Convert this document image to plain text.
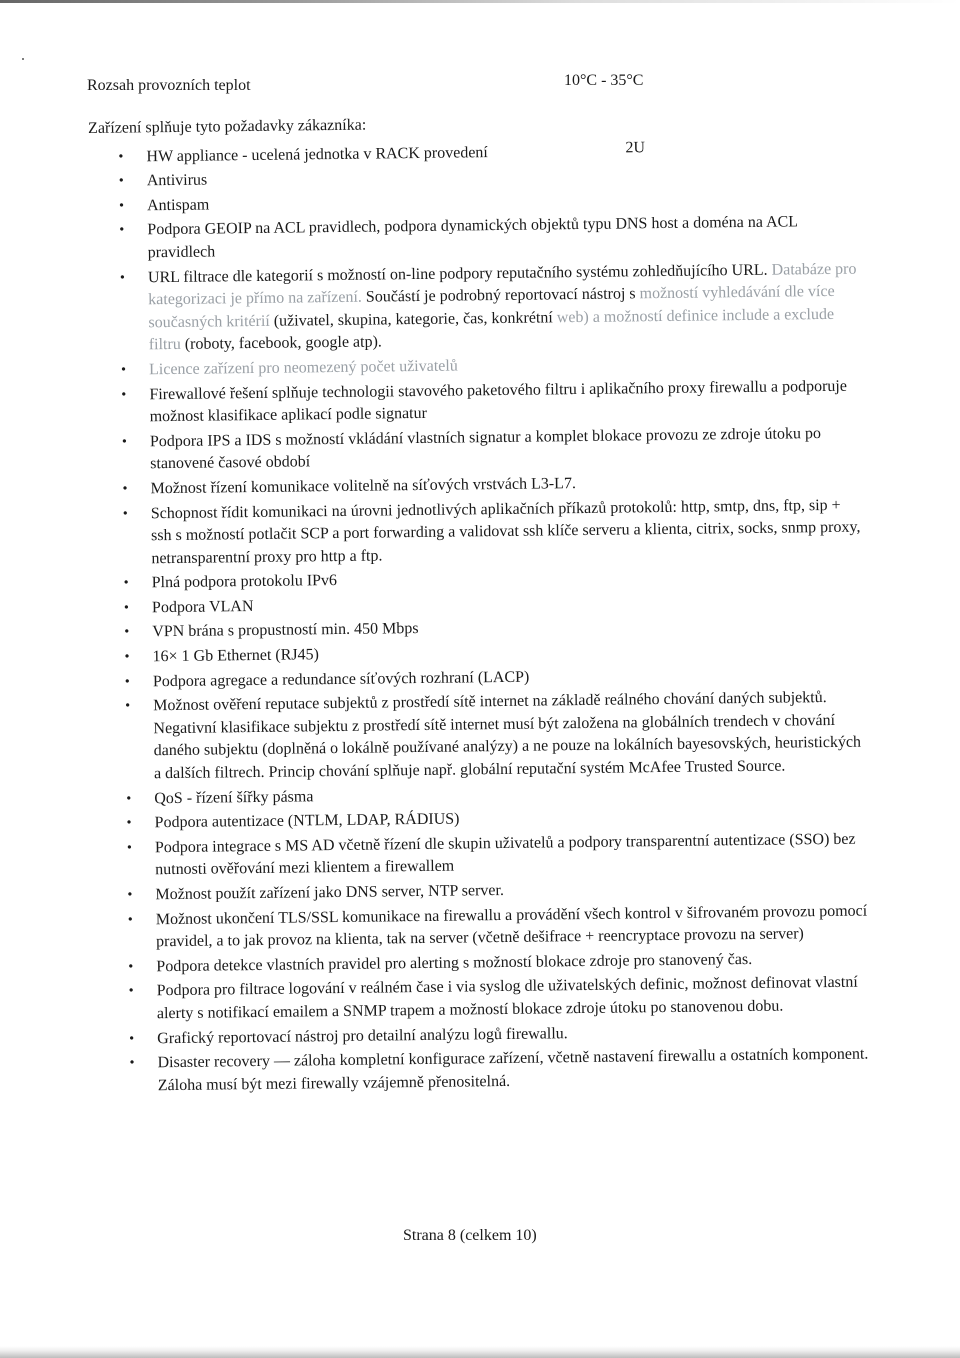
Rozsah provozních teplot	10°C - 35°C

Zařízení splňuje tyto požadavky zákazníka:

• HW appliance - ucelená jednotka v RACK provedení	2U
• Antivirus
• Antispam
• Podpora GEOIP na ACL pravidlech, podpora dynamických objektů typu DNS host a doména na ACL pravidlech
• URL filtrace dle kategorií s možností on-line podpory reputačního systému zohledňujícího URL. Databáze pro kategorizaci je přímo na zařízení. Součástí je podrobný reportovací nástroj s možností vyhledávání dle více současných kritérií (uživatel, skupina, kategorie, čas, konkrétní web) a možností definice include a exclude filtru (roboty, facebook, google atp).
• Licence zařízení pro neomezený počet uživatelů
• Firewallové řešení splňuje technologii stavového paketového filtru i aplikačního proxy firewallu a podporuje možnost klasifikace aplikací podle signatur
• Podpora IPS a IDS s možností vkládání vlastních signatur a komplet blokace provozu ze zdroje útoku po stanovené časové období
• Možnost řízení komunikace volitelně na síťových vrstvách L3-L7.
• Schopnost řídit komunikaci na úrovni jednotlivých aplikačních příkazů protokolů: http, smtp, dns, ftp, sip + ssh s možností potlačit SCP a port forwarding a validovat ssh klíče serveru a klienta, citrix, socks, snmp proxy, netransparentní proxy pro http a ftp.
• Plná podpora protokolu IPv6
• Podpora VLAN
• VPN brána s propustností min. 450 Mbps
• 16× 1 Gb Ethernet (RJ45)
• Podpora agregace a redundance síťových rozhraní (LACP)
• Možnost ověření reputace subjektů z prostředí sítě internet na základě reálného chování daných subjektů. Negativní klasifikace subjektu z prostředí sítě internet musí být založena na globálních trendech v chování daného subjektu (doplněná o lokálně používané analýzy) a ne pouze na lokálních bayesovských, heuristických a dalších filtrech. Princip chování splňuje např. globální reputační systém McAfee Trusted Source.
• QoS - řízení šířky pásma
• Podpora autentizace (NTLM, LDAP, RÁDIUS)
• Podpora integrace s MS AD včetně řízení dle skupin uživatelů a podpory transparentní autentizace (SSO) bez nutnosti ověřování mezi klientem a firewallem
• Možnost použít zařízení jako DNS server, NTP server.
• Možnost ukončení TLS/SSL komunikace na firewallu a provádění všech kontrol v šifrovaném provozu pomocí pravidel, a to jak provoz na klienta, tak na server (včetně dešifrace + reencryptace provozu na server)
• Podpora detekce vlastních pravidel pro alerting s možností blokace zdroje pro stanovený čas.
• Podpora pro filtrace logování v reálném čase i via syslog dle uživatelských definic, možnost definovat vlastní alerty s notifikací emailem a SNMP trapem a možností blokace zdroje útoku po stanovenou dobu.
• Grafický reportovací nástroj pro detailní analýzu logů firewallu.
• Disaster recovery — záloha kompletní konfigurace zařízení, včetně nastavení firewallu a ostatních komponent. Záloha musí být mezi firewally vzájemně přenositelná.
Strana 8 (celkem 10)
